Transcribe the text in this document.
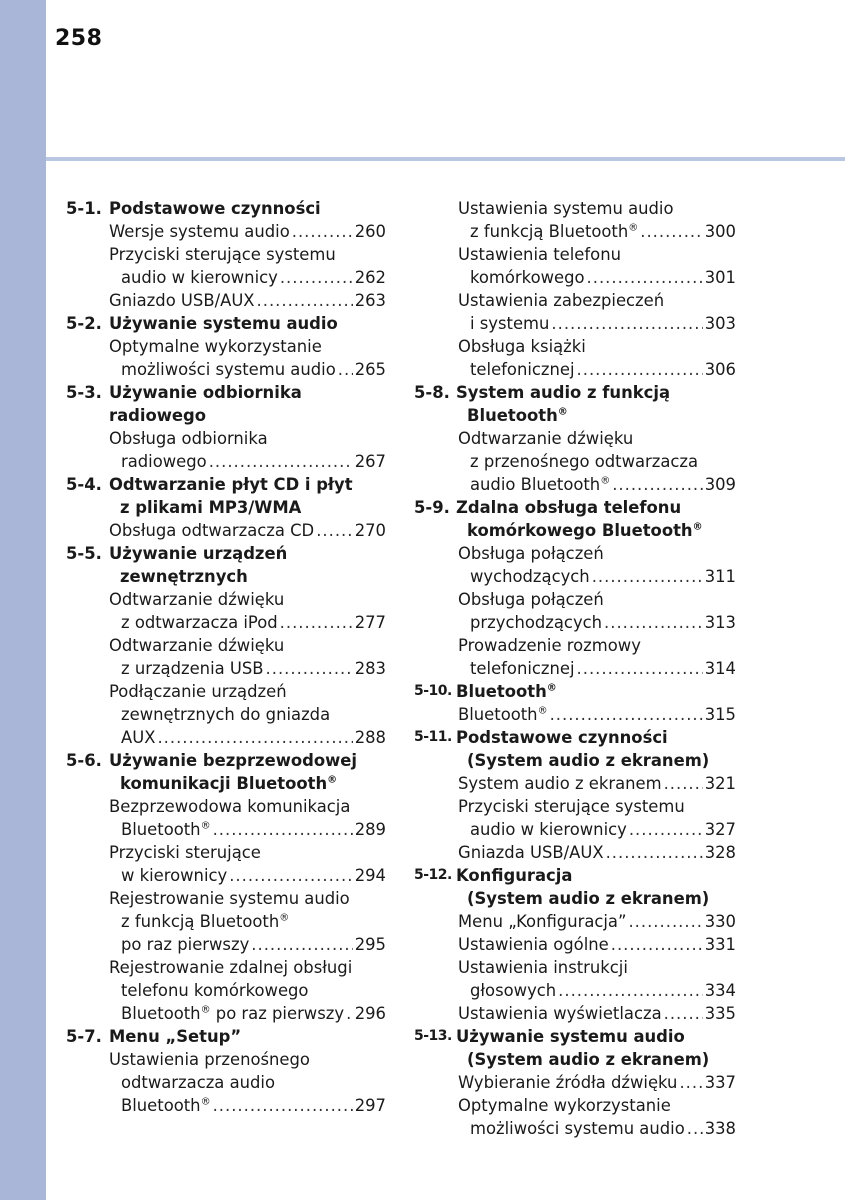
258
5-1. Podstawowe czynności
Wersje systemu audio .....	260
Przyciski sterujące systemu
audio w kierownicy .....	262
Gniazdo USB/AUX .....	263
5-2. Używanie systemu audio
Optymalne wykorzystanie
możliwości systemu audio ..... 265
5-3. Używanie odbiornika radiowego
Obsługa odbiornika
radiowego .....	267
5-4. Odtwarzanie płyt CD i płyt
z plikami MP3/WMA
Obsługa odtwarzacza CD ..... 270
5-5. Używanie urządzeń
zewnętrznych
Odtwarzanie dźwięku
z odtwarzacza iPod .....	277
Odtwarzanie dźwięku
z urządzenia USB .....	283
Podłączanie urządzeń
zewnętrznych do gniazda
AUX .....	288
5-6. Używanie bezprzewodowej
komunikacji Bluetooth®
Bezprzewodowa komunikacja
Bluetooth® .....	289
Przyciski sterujące
w kierownicy .....	294
Rejestrowanie systemu audio
z funkcją Bluetooth®
po raz pierwszy .....	295
Rejestrowanie zdalnej obsługi
telefonu komórkowego
Bluetooth® po raz pierwszy ..... 296
5-7. Menu „Setup”
Ustawienia przenośnego
odtwarzacza audio
Bluetooth® .....	297
Ustawienia systemu audio
z funkcją Bluetooth® .....	300
Ustawienia telefonu
komórkowego .....	301
Ustawienia zabezpieczeń
i systemu .....	303
Obsługa książki
telefonicznej .....	306
5-8. System audio z funkcją
Bluetooth®
Odtwarzanie dźwięku
z przenośnego odtwarzacza
audio Bluetooth® .....	309
5-9. Zdalna obsługa telefonu
komórkowego Bluetooth®
Obsługa połączeń
wychodzących .....	311
Obsługa połączeń
przychodzących .....	313
Prowadzenie rozmowy
telefonicznej .....	314
5-10. Bluetooth®
Bluetooth® .....	315
5-11. Podstawowe czynności
(System audio z ekranem)
System audio z ekranem .....	321
Przyciski sterujące systemu
audio w kierownicy .....	327
Gniazda USB/AUX .....	328
5-12. Konfiguracja
(System audio z ekranem)
Menu „Konfiguracja” .....	330
Ustawienia ogólne .....	331
Ustawienia instrukcji
głosowych .....	334
Ustawienia wyświetlacza .....	335
5-13. Używanie systemu audio
(System audio z ekranem)
Wybieranie źródła dźwięku ..... 337
Optymalne wykorzystanie
możliwości systemu audio ..... 338
